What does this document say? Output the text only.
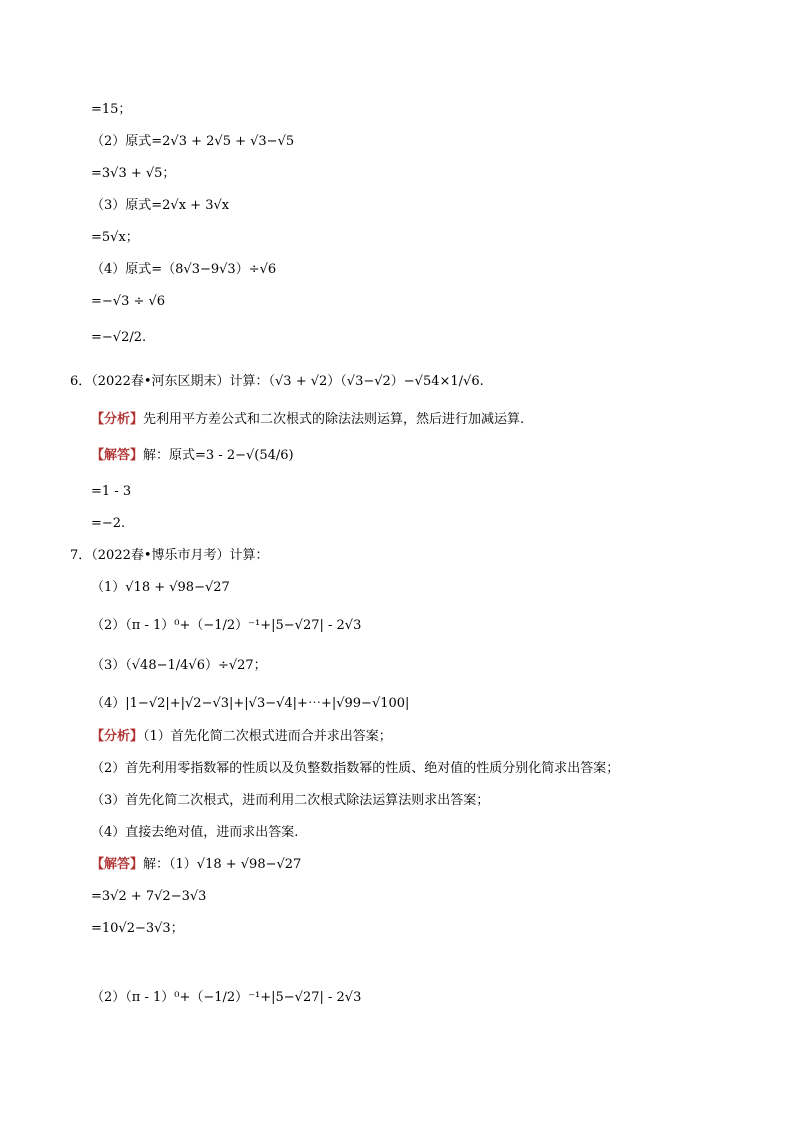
=15；
（2）原式=2√3 + 2√5 + √3−√5
=3√3 + √5；
（3）原式=2√x + 3√x
=5√x；
（4）原式=（8√3−9√3）÷√6
=−√3 ÷ √6
=−√2/2.
6．（2022春•河东区期末）计算：（√3 + √2）（√3−√2）−√54×1/√6.
【分析】先利用平方差公式和二次根式的除法法则运算，然后进行加减运算.
【解答】解：原式=3 - 2−√(54/6)
=1 - 3
=−2.
7．（2022春•博乐市月考）计算：
（1）√18 + √98−√27
（2）（π - 1）⁰+（−1/2）⁻¹+|5−√27| - 2√3
（3）（√48−1/4√6）÷√27；
（4）|1−√2|+|√2−√3|+|√3−√4|+⋯+|√99−√100|
【分析】（1）首先化简二次根式进而合并求出答案；
（2）首先利用零指数幂的性质以及负整数指数幂的性质、绝对值的性质分别化简求出答案；
（3）首先化简二次根式，进而利用二次根式除法运算法则求出答案；
（4）直接去绝对值，进而求出答案.
【解答】解：（1）√18 + √98−√27
=3√2 + 7√2−3√3
=10√2−3√3；
（2）（π - 1）⁰+（−1/2）⁻¹+|5−√27| - 2√3
